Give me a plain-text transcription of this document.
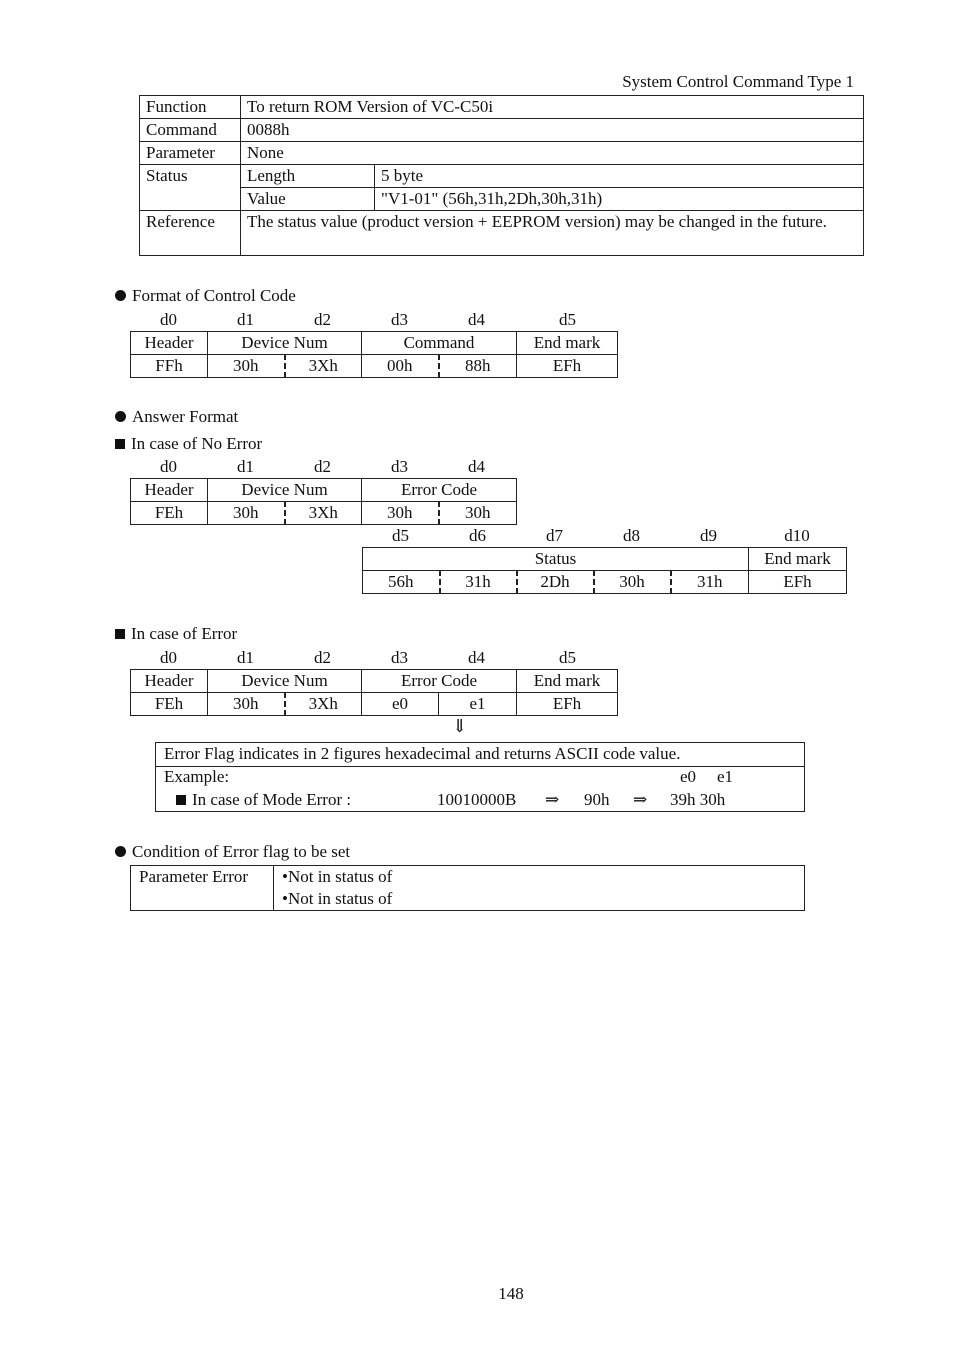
System Control Command Type 1
Function	To return ROM Version of VC-C50i	
Command	0088h	
Parameter	None	
Status	Length	5 byte
	Value	"V1-01" (56h,31h,2Dh,30h,31h)
Reference	The status value (product version + EEPROM version) may be changed in the future.	
Format of Control Code
d0	d1	d2	d3	d4	d5
Header	Device Num		Command		End mark
FFh	30h	3Xh	00h	88h	EFh
Answer Format
In case of No Error
d0	d1	d2	d3	d4
Header	Device Num		Error Code	
FEh	30h	3Xh	30h	30h
d5	d6	d7	d8	d9	d10
Status					End mark
56h	31h	2Dh	30h	31h	EFh
In case of Error
d0	d1	d2	d3	d4	d5
Header	Device Num		Error Code		End mark
FEh	30h	3Xh	e0	e1	EFh
⇓
Error Flag indicates in 2 figures hexadecimal and returns ASCII code value.
Example:	e0 e1
In case of Mode Error :	10010000B ⇒ 90h ⇒ 39h 30h
Condition of Error flag to be set
Parameter Error	•Not in status of
•Not in status of
148
